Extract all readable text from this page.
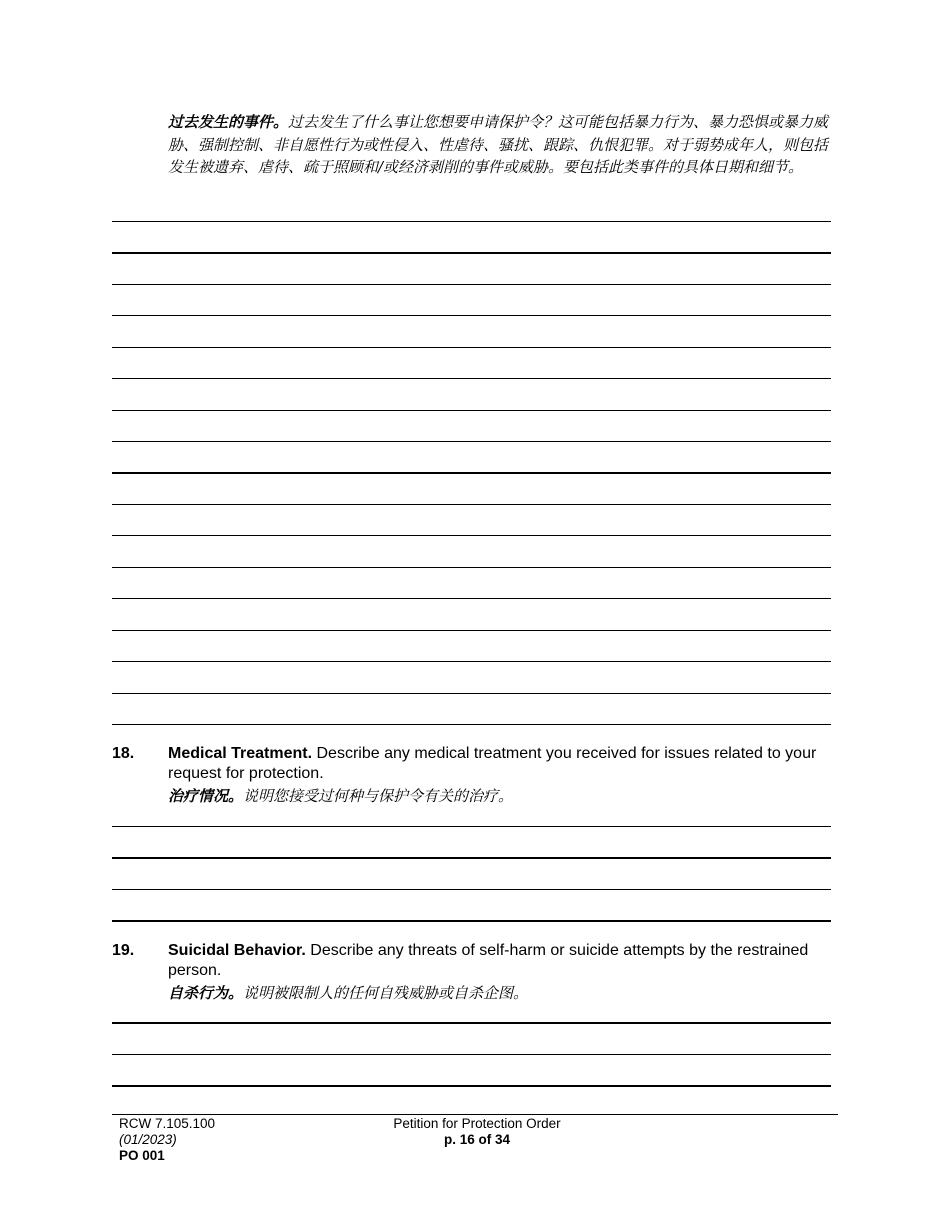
过去发生的事件。过去发生了什么事让您想要申请保护令？这可能包括暴力行为、暴力恐惧或暴力威胁、强制控制、非自愿性行为或性侵入、性虐待、骚扰、跟踪、仇恨犯罪。对于弱势成年人，则包括发生被遗弃、虐待、疏于照顾和/或经济剥削的事件或威胁。要包括此类事件的具体日期和细节。
18. Medical Treatment. Describe any medical treatment you received for issues related to your request for protection.
治疗情况。说明您接受过何种与保护令有关的治疗。
19. Suicidal Behavior. Describe any threats of self-harm or suicide attempts by the restrained person.
自杀行为。说明被限制人的任何自残威胁或自杀企图。
RCW 7.105.100
(01/2023)
PO 001
Petition for Protection Order
p. 16 of 34
